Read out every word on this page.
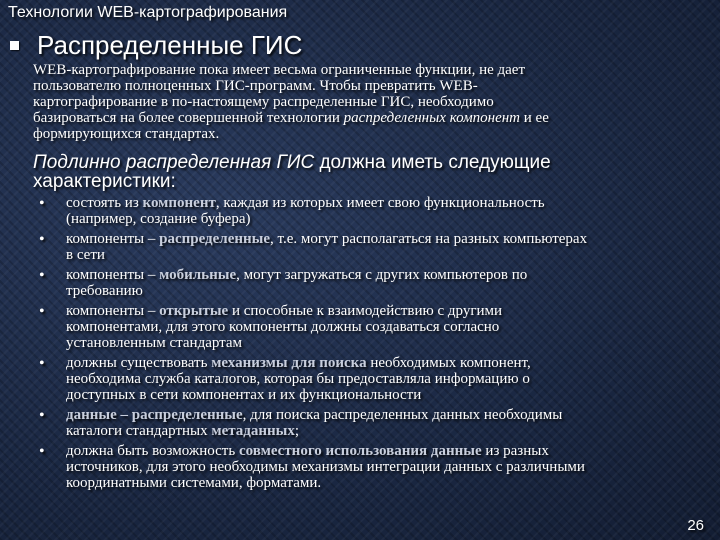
Технологии WEB-картографирования
Распределенные ГИС
WEB-картографирование пока имеет весьма ограниченные функции, не дает
пользователю полноценных ГИС-программ. Чтобы превратить WEB-
картографирование в по-настоящему распределенные ГИС, необходимо
базироваться на более совершенной технологии распределенных компонент и ее
формирующихся стандартах.
Подлинно распределенная ГИС должна иметь следующие
характеристики:
• состоять из компонент, каждая из которых имеет свою функциональность
(например, создание буфера)
• компоненты – распределенные, т.е. могут располагаться на разных компьютерах
в сети
• компоненты – мобильные, могут загружаться с других компьютеров по
требованию
• компоненты – открытые и способные к взаимодействию с другими
компонентами, для этого компоненты должны создаваться согласно
установленным стандартам
• должны существовать механизмы для поиска необходимых компонент,
необходима служба каталогов, которая бы предоставляла информацию о
доступных в сети компонентах и их функциональности
• данные – распределенные, для поиска распределенных данных необходимы
каталоги стандартных метаданных;
• должна быть возможность совместного использования данные из разных
источников, для этого необходимы механизмы интеграции данных с различными
координатными системами, форматами.
26
